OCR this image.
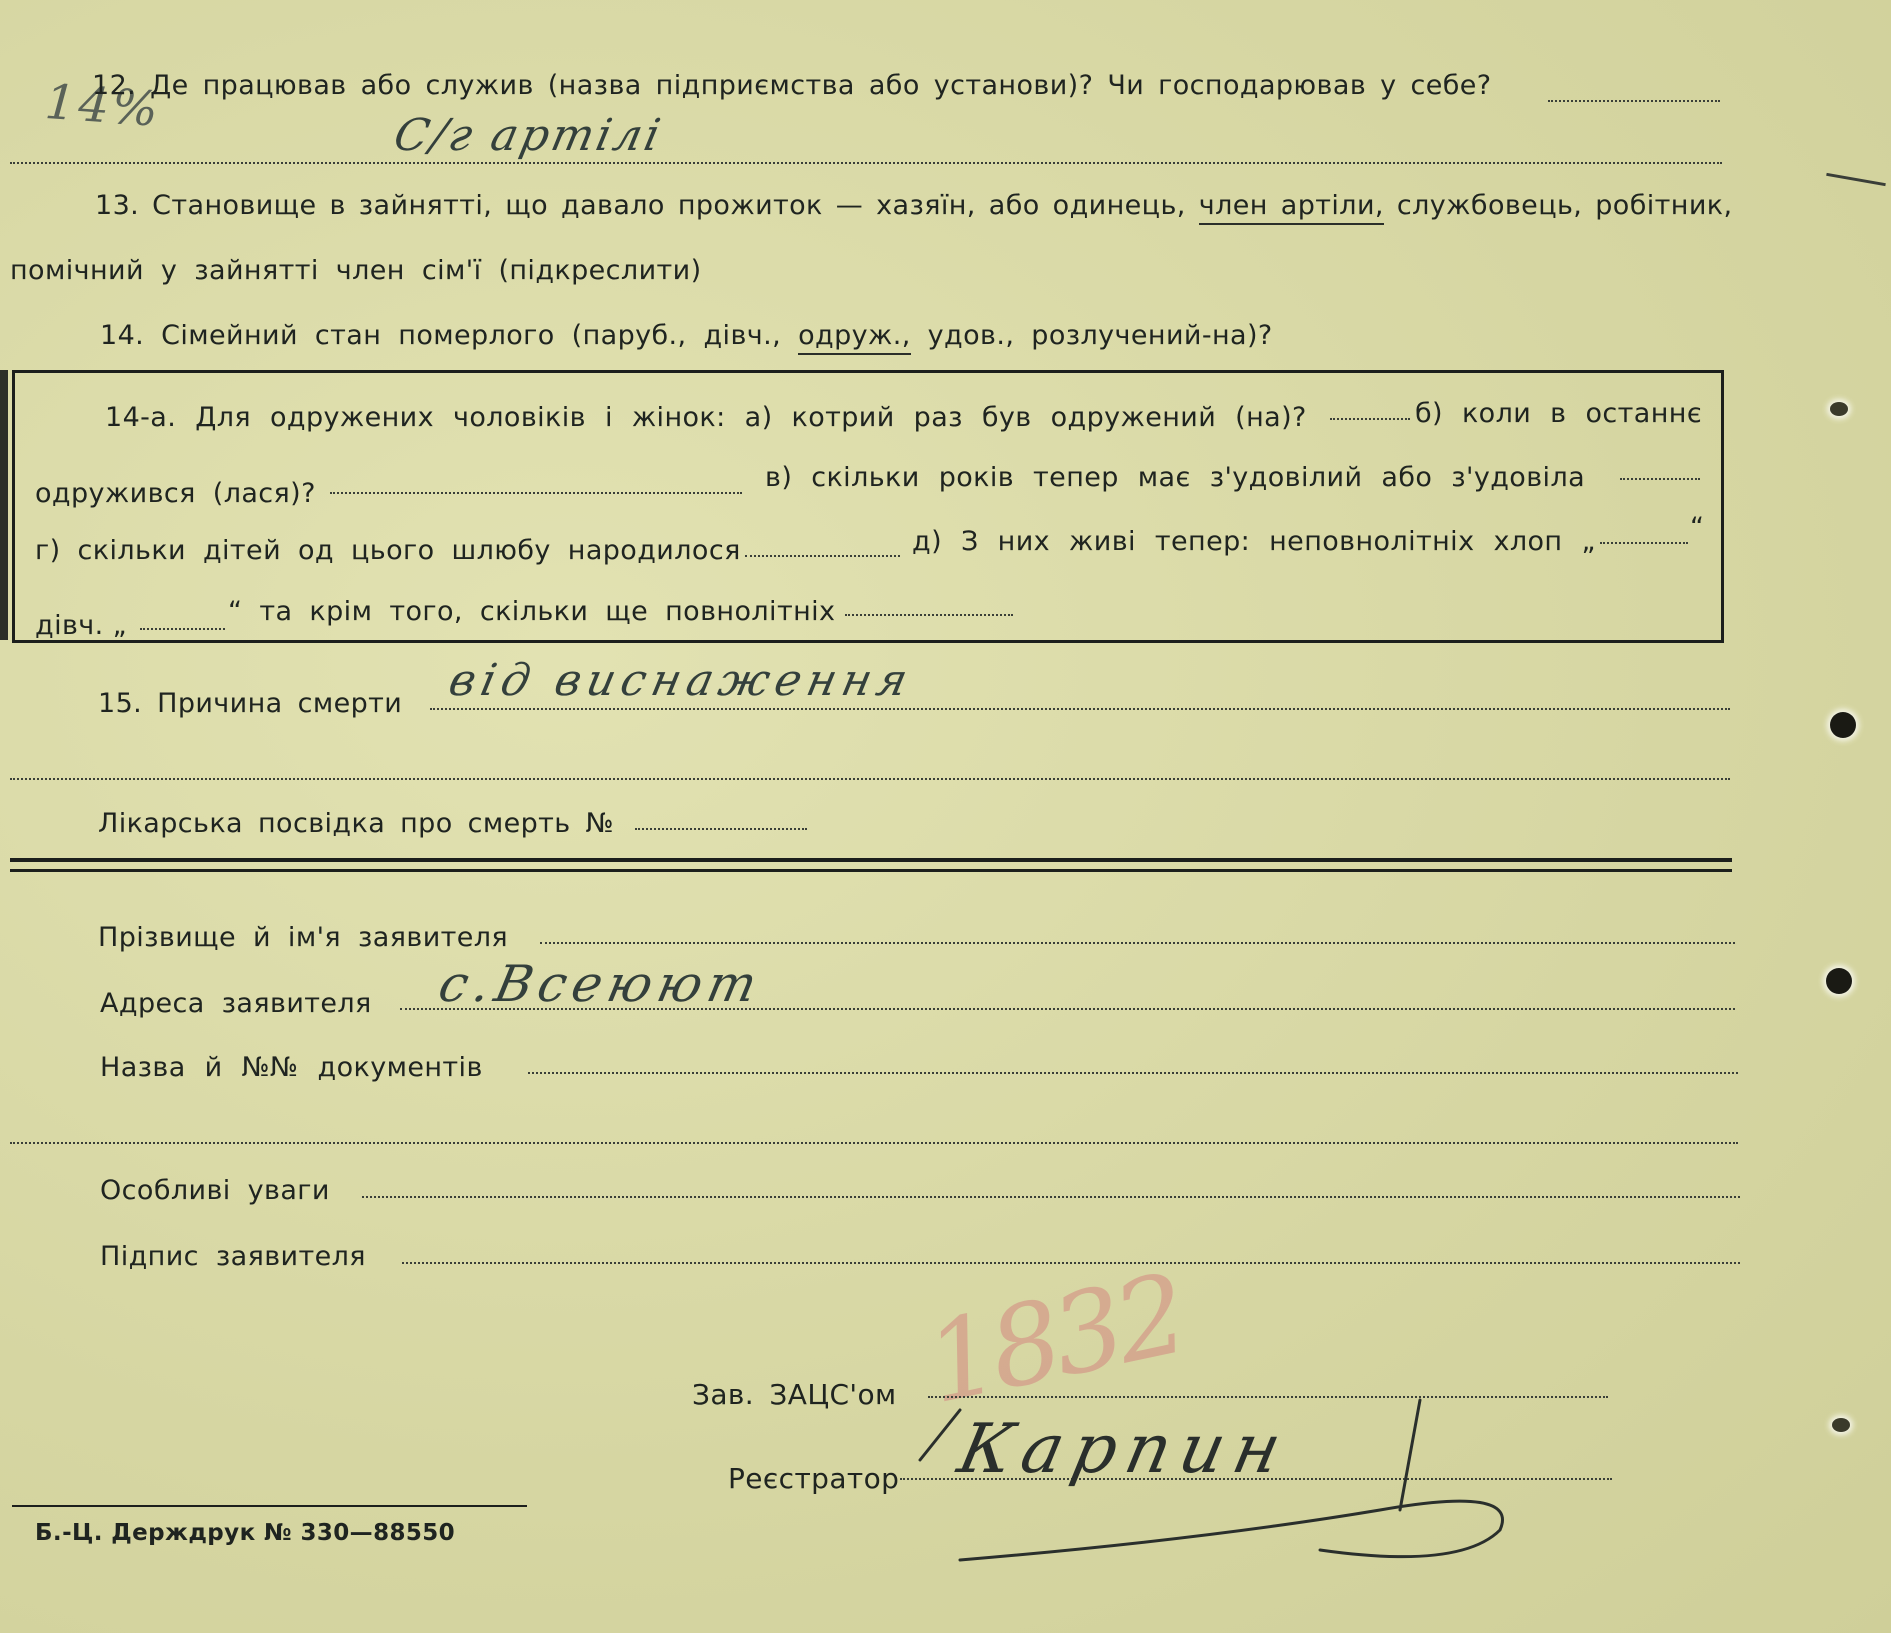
14%
12. Де працював або служив (назва підприємства або установи)? Чи господарював у себе?
С/г артілі
13. Становище в зайнятті, що давало прожиток — хазяїн, або одинець, член артіли, службовець, робітник,
помічний у зайнятті член сім'ї (підкреслити)
14. Сімейний стан померлого (паруб., дівч., одруж., удов., розлучений-на)?
14-а. Для одружених чоловіків і жінок: а) котрий раз був одружений (на)?	б) коли в останнє
одружився (лася)?
в) скільки років тепер має з'удовілий або з'удовіла
г) скільки дітей од цього шлюбу народилося	д) З них живі тепер: неповнолітніх хлоп „	“
дівч. „	“ та крім того, скільки ще повнолітніх
15. Причина смерти від виснаження
Лікарська посвідка про смерть №
Прізвище й ім'я заявителя
Адреса заявителя с.Всеюют
Назва й №№ документів
Особливі уваги
Підпис заявителя	1832
Зав. ЗАЦС'ом
Реєстратор Карпин
Б.-Ц. Держдрук № 330—88550
